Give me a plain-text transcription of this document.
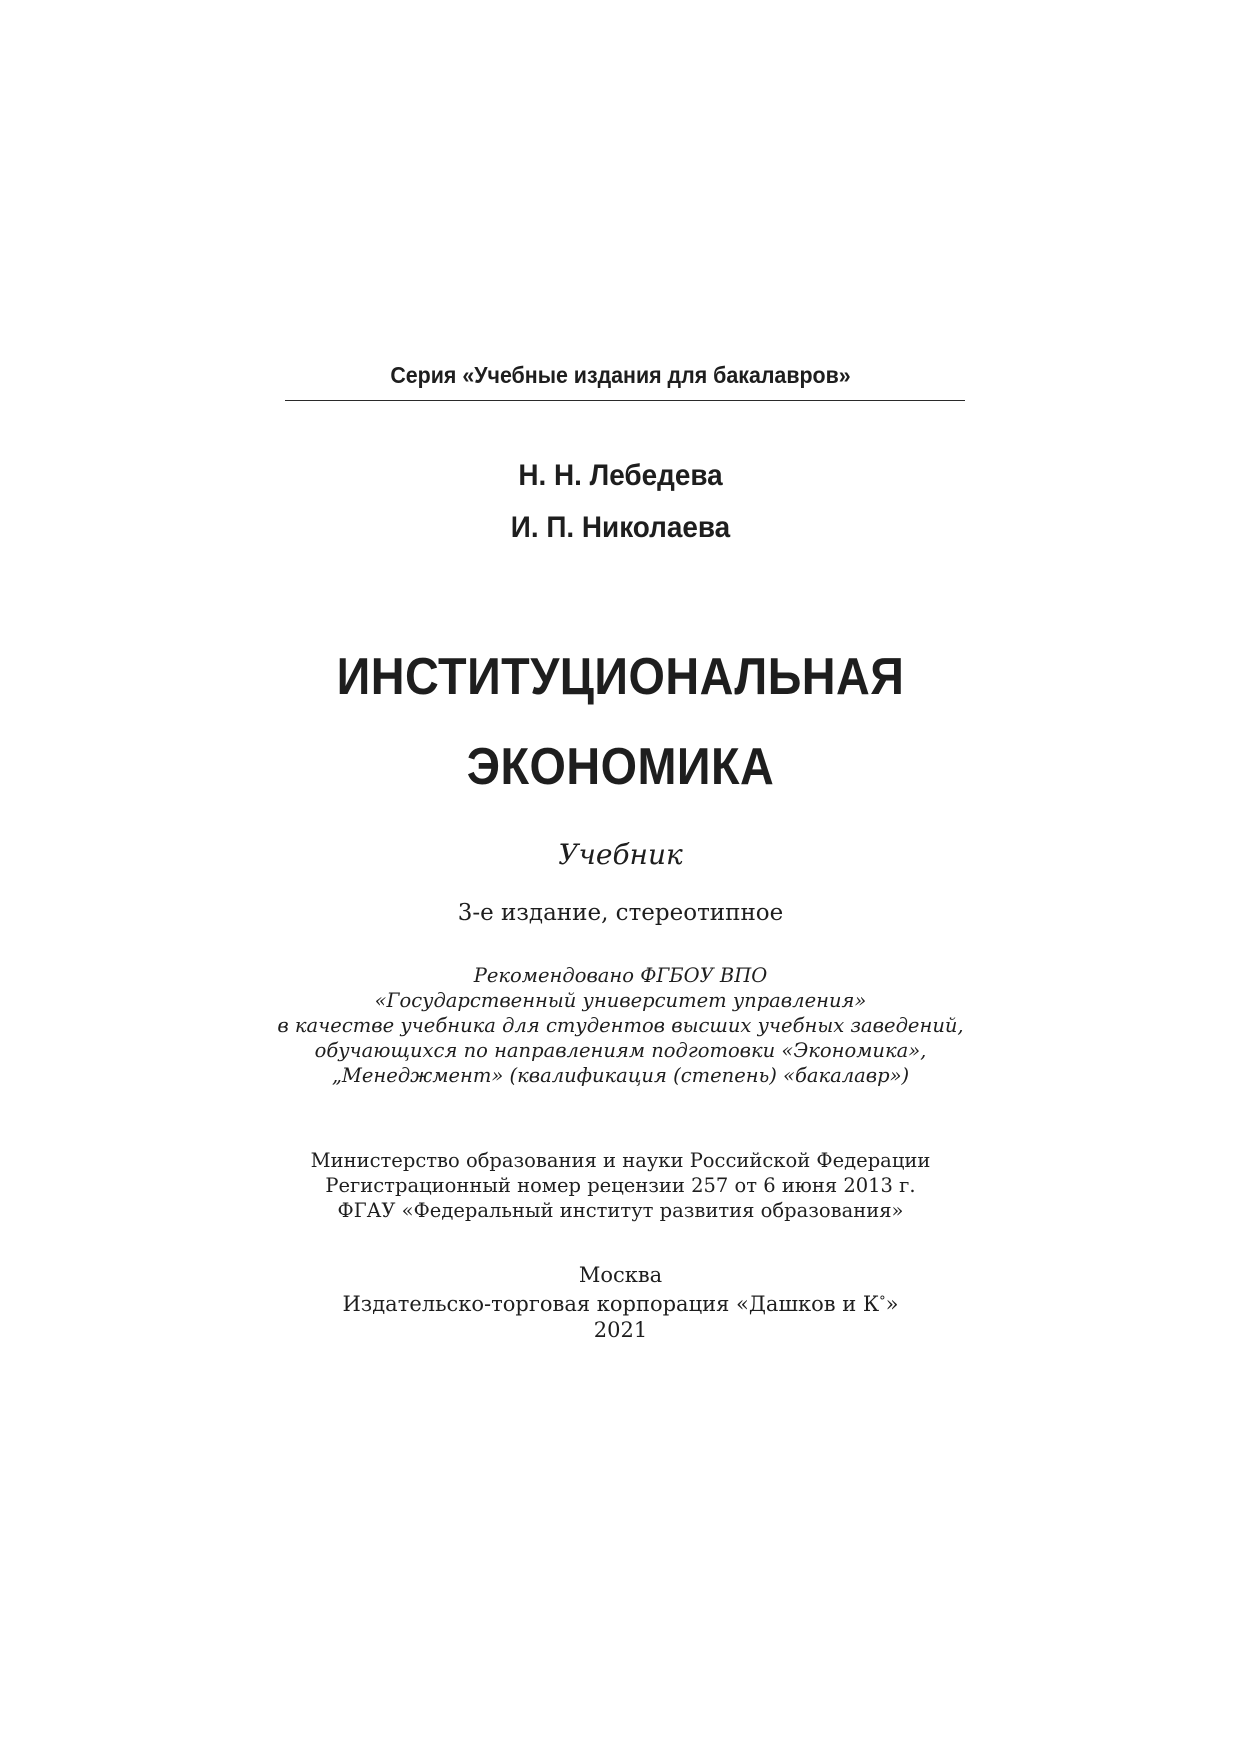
Серия «Учебные издания для бакалавров»
Н. Н. Лебедева
И. П. Николаева
ИНСТИТУЦИОНАЛЬНАЯ
ЭКОНОМИКА
Учебник
3-е издание, стереотипное
Рекомендовано ФГБОУ ВПО
«Государственный университет управления»
в качестве учебника для студентов высших учебных заведений,
обучающихся по направлениям подготовки «Экономика»,
„Менеджмент» (квалификация (степень) «бакалавр»)
Министерство образования и науки Российской Федерации
Регистрационный номер рецензии 257 от 6 июня 2013 г.
ФГАУ «Федеральный институт развития образования»
Москва
Издательско-торговая корпорация «Дашков и К°»
2021
